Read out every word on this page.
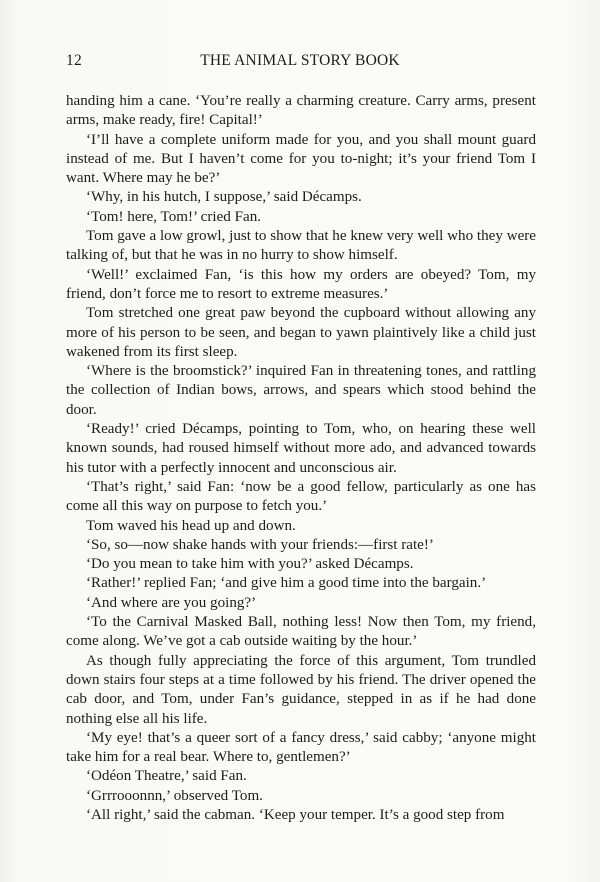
12	THE ANIMAL STORY BOOK

handing him a cane. ‘You’re really a charming creature. Carry arms, present arms, make ready, fire! Capital!’

‘I’ll have a complete uniform made for you, and you shall mount guard instead of me. But I haven’t come for you to-night; it’s your friend Tom I want. Where may he be?’

‘Why, in his hutch, I suppose,’ said Décamps.

‘Tom! here, Tom!’ cried Fan.

Tom gave a low growl, just to show that he knew very well who they were talking of, but that he was in no hurry to show himself.

‘Well!’ exclaimed Fan, ‘is this how my orders are obeyed? Tom, my friend, don’t force me to resort to extreme measures.’

Tom stretched one great paw beyond the cupboard without allowing any more of his person to be seen, and began to yawn plaintively like a child just wakened from its first sleep.

‘Where is the broomstick?’ inquired Fan in threatening tones, and rattling the collection of Indian bows, arrows, and spears which stood behind the door.

‘Ready!’ cried Décamps, pointing to Tom, who, on hearing these well known sounds, had roused himself without more ado, and advanced towards his tutor with a perfectly innocent and unconscious air.

‘That’s right,’ said Fan: ‘now be a good fellow, particularly as one has come all this way on purpose to fetch you.’

Tom waved his head up and down.

‘So, so—now shake hands with your friends:—first rate!’

‘Do you mean to take him with you?’ asked Décamps.

‘Rather!’ replied Fan; ‘and give him a good time into the bargain.’

‘And where are you going?’

‘To the Carnival Masked Ball, nothing less! Now then Tom, my friend, come along. We’ve got a cab outside waiting by the hour.’

As though fully appreciating the force of this argument, Tom trundled down stairs four steps at a time followed by his friend. The driver opened the cab door, and Tom, under Fan’s guidance, stepped in as if he had done nothing else all his life.

‘My eye! that’s a queer sort of a fancy dress,’ said cabby; ‘anyone might take him for a real bear. Where to, gentlemen?’

‘Odéon Theatre,’ said Fan.

‘Grrrooonnn,’ observed Tom.

‘All right,’ said the cabman. ‘Keep your temper. It’s a good step from
